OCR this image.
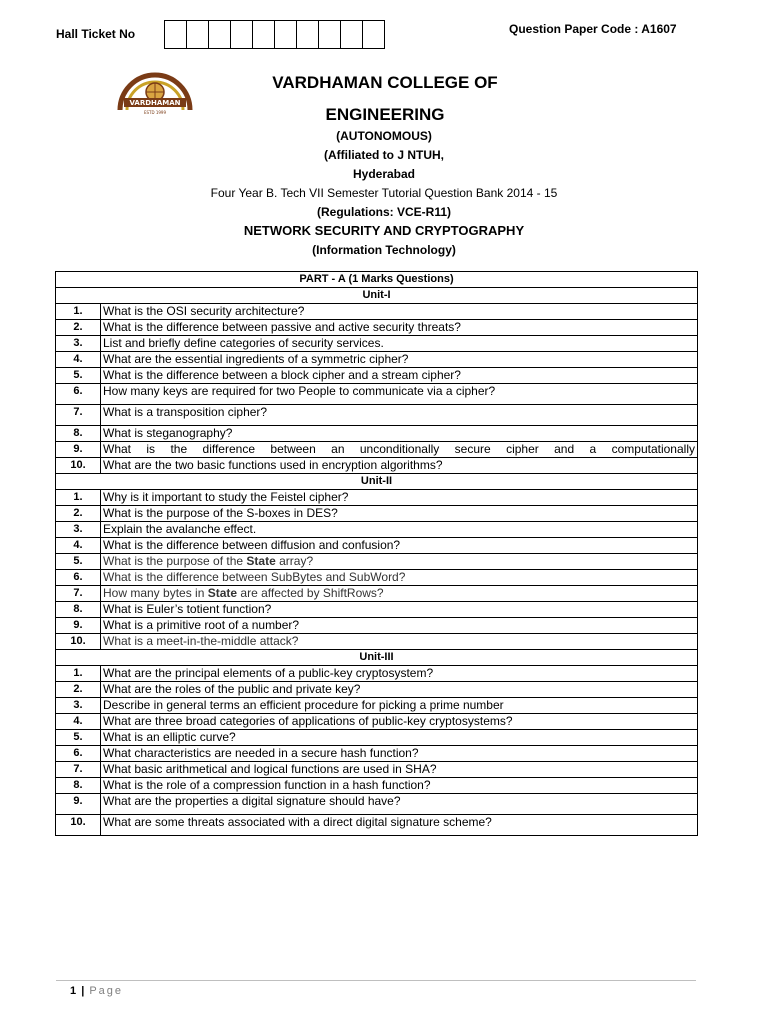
Hall Ticket No	Question Paper Code : A1607
VARDHAMAN
ESTD 1999
VARDHAMAN COLLEGE OF
ENGINEERING
(AUTONOMOUS)
(Affiliated to J NTUH,
Hyderabad
Four Year B. Tech VII Semester Tutorial Question Bank 2014 - 15
(Regulations: VCE-R11)
NETWORK SECURITY AND CRYPTOGRAPHY
(Information Technology)
PART - A (1 Marks Questions)	
Unit-I	
1.	What is the OSI security architecture?
2.	What is the difference between passive and active security threats?
3.	List and briefly define categories of security services.
4.	What are the essential ingredients of a symmetric cipher?
5.	What is the difference between a block cipher and a stream cipher?
6.	How many keys are required for two People to communicate via a cipher?
7.	What is a transposition cipher?
8.	What is steganography?
9.	What is the difference between an unconditionally secure cipher and a computationally
10.	What are the two basic functions used in encryption algorithms?
Unit-II	
1.	Why is it important to study the Feistel cipher?
2.	What is the purpose of the S-boxes in DES?
3.	Explain the avalanche effect.
4.	What is the difference between diffusion and confusion?
5.	What is the purpose of the State array?
6.	What is the difference between SubBytes and SubWord?
7.	How many bytes in State are affected by ShiftRows?
8.	What is Euler’s totient function?
9.	What is a primitive root of a number?
10.	What is a meet-in-the-middle attack?
Unit-III	
1.	What are the principal elements of a public-key cryptosystem?
2.	What are the roles of the public and private key?
3.	Describe in general terms an efficient procedure for picking a prime number
4.	What are three broad categories of applications of public-key cryptosystems?
5.	What is an elliptic curve?
6.	What characteristics are needed in a secure hash function?
7.	What basic arithmetical and logical functions are used in SHA?
8.	What is the role of a compression function in a hash function?
9.	What are the properties a digital signature should have?
10.	What are some threats associated with a direct digital signature scheme?
1 | Page
